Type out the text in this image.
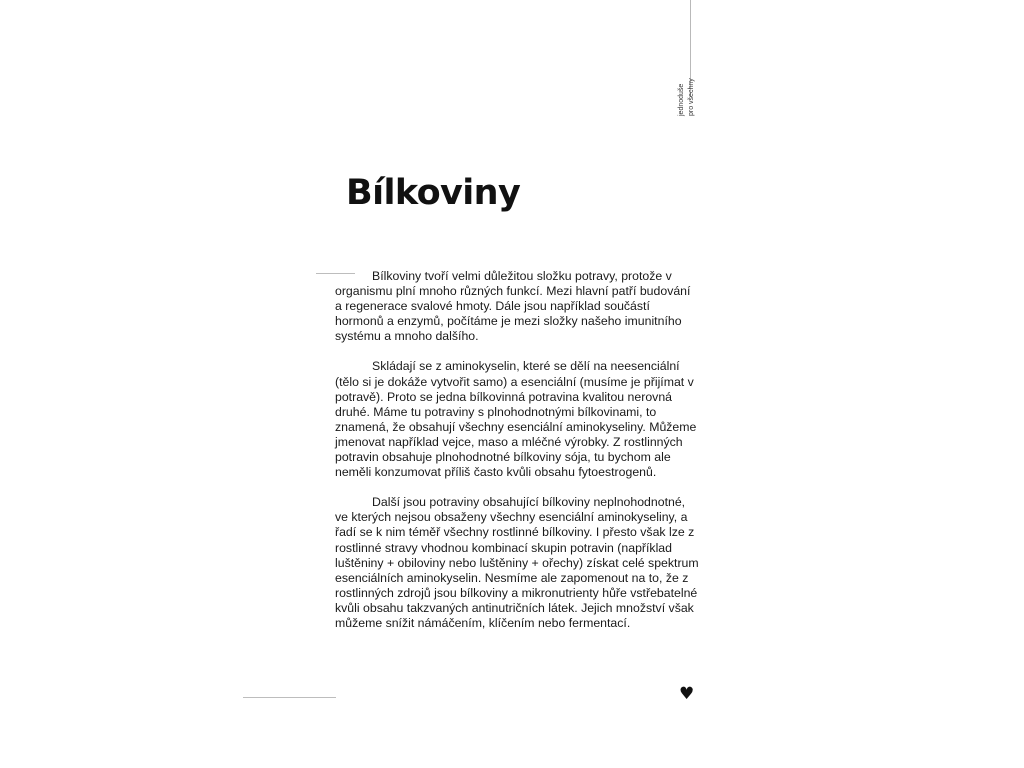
jednoduše pro všechny
Bílkoviny

Bílkoviny tvoří velmi důležitou složku potravy, protože v organismu plní mnoho různých funkcí. Mezi hlavní patří budování a regenerace svalové hmoty. Dále jsou například součástí hormonů a enzymů, počítáme je mezi složky našeho imunitního systému a mnoho dalšího.

Skládají se z aminokyselin, které se dělí na neesenciální (tělo si je dokáže vytvořit samo) a esenciální (musíme je přijímat v potravě). Proto se jedna bílkovinná potravina kvalitou nerovná druhé. Máme tu potraviny s plnohodnotnými bílkovinami, to znamená, že obsahují všechny esenciální aminokyseliny. Můžeme jmenovat například vejce, maso a mléčné výrobky. Z rostlinných potravin obsahuje plnohodnotné bílkoviny sója, tu bychom ale neměli konzumovat příliš často kvůli obsahu fytoestrogenů.

Další jsou potraviny obsahující bílkoviny neplnohodnotné, ve kterých nejsou obsaženy všechny esenciální aminokyseliny, a řadí se k nim téměř všechny rostlinné bílkoviny. I přesto však lze z rostlinné stravy vhodnou kombinací skupin potravin (například luštěniny + obiloviny nebo luštěniny + ořechy) získat celé spektrum esenciálních aminokyselin. Nesmíme ale zapomenout na to, že z rostlinných zdrojů jsou bílkoviny a mikronutrienty hůře vstřebatelné kvůli obsahu takzvaných antinutričních látek. Jejich množství však můžeme snížit námáčením, klíčením nebo fermentací.

♥
